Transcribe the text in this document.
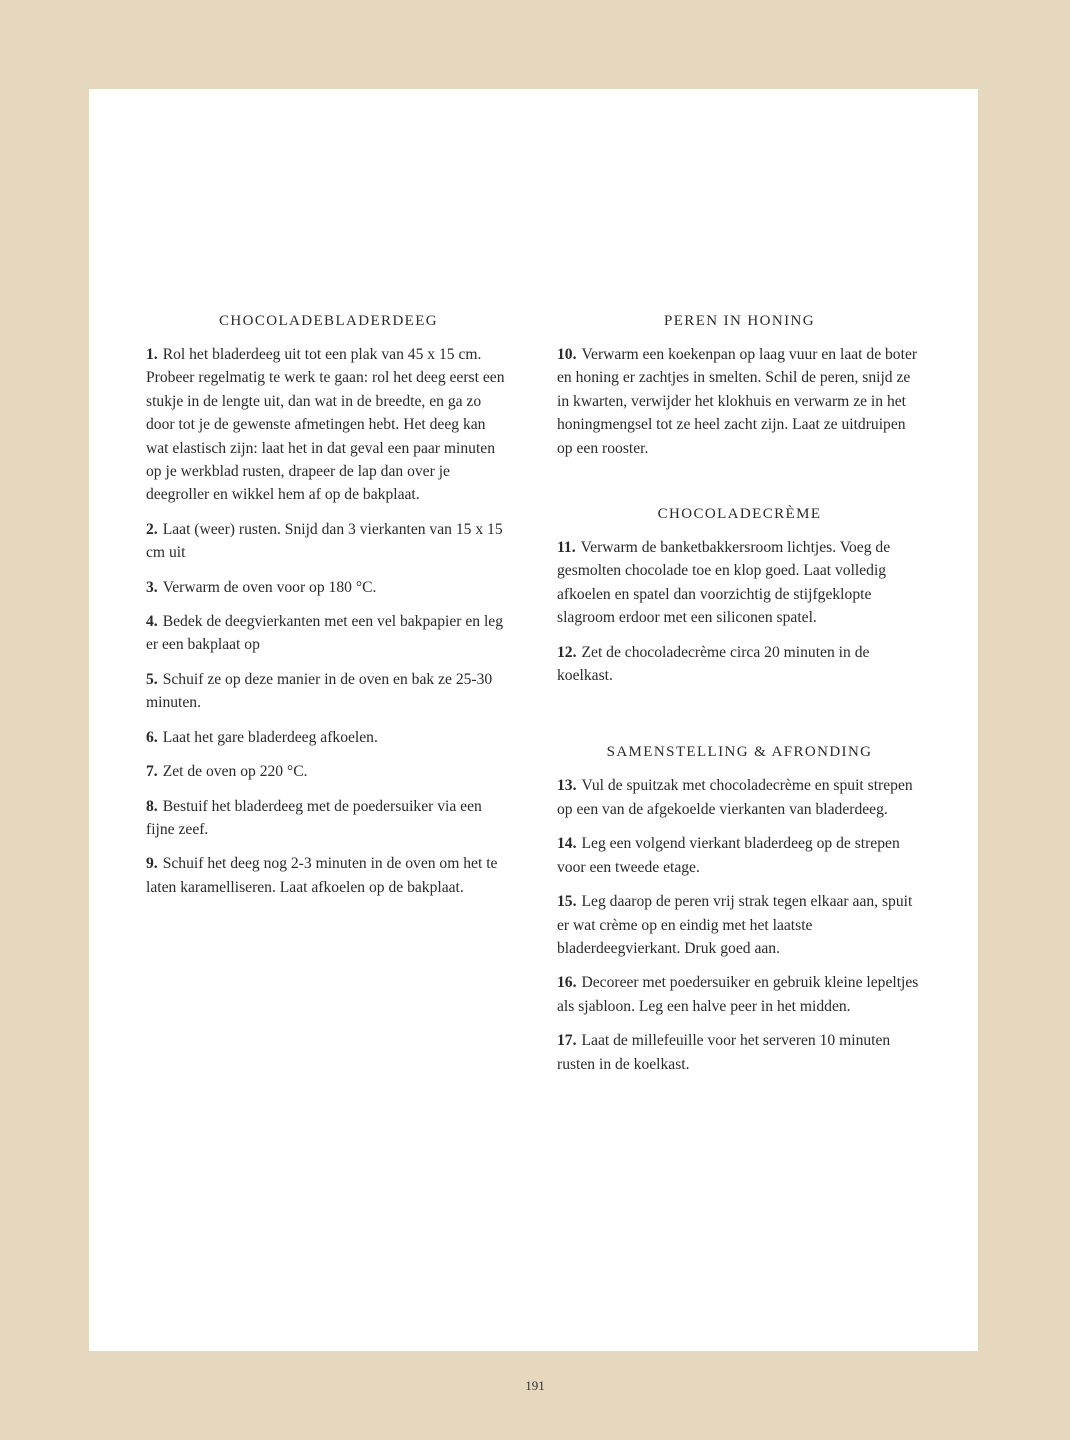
CHOCOLADEBLADERDEEG

1. Rol het bladerdeeg uit tot een plak van 45 x 15 cm. Probeer regelmatig te werk te gaan: rol het deeg eerst een stukje in de lengte uit, dan wat in de breedte, en ga zo door tot je de gewenste afmetingen hebt. Het deeg kan wat elastisch zijn: laat het in dat geval een paar minuten op je werkblad rusten, drapeer de lap dan over je deegroller en wikkel hem af op de bakplaat.

2. Laat (weer) rusten. Snijd dan 3 vierkanten van 15 x 15 cm uit

3. Verwarm de oven voor op 180 °C.

4. Bedek de deegvierkanten met een vel bakpapier en leg er een bakplaat op

5. Schuif ze op deze manier in de oven en bak ze 25-30 minuten.

6. Laat het gare bladerdeeg afkoelen.

7. Zet de oven op 220 °C.

8. Bestuif het bladerdeeg met de poedersuiker via een fijne zeef.

9. Schuif het deeg nog 2-3 minuten in de oven om het te laten karamelliseren. Laat afkoelen op de bakplaat.

PEREN IN HONING

10. Verwarm een koekenpan op laag vuur en laat de boter en honing er zachtjes in smelten. Schil de peren, snijd ze in kwarten, verwijder het klokhuis en verwarm ze in het honingmengsel tot ze heel zacht zijn. Laat ze uitdruipen op een rooster.

CHOCOLADECRÈME

11. Verwarm de banketbakkersroom lichtjes. Voeg de gesmolten chocolade toe en klop goed. Laat volledig afkoelen en spatel dan voorzichtig de stijfgeklopte slagroom erdoor met een siliconen spatel.

12. Zet de chocoladecrème circa 20 minuten in de koelkast.

SAMENSTELLING & AFRONDING

13. Vul de spuitzak met chocoladecrème en spuit strepen op een van de afgekoelde vierkanten van bladerdeeg.

14. Leg een volgend vierkant bladerdeeg op de strepen voor een tweede etage.

15. Leg daarop de peren vrij strak tegen elkaar aan, spuit er wat crème op en eindig met het laatste bladerdeegvierkant. Druk goed aan.

16. Decoreer met poedersuiker en gebruik kleine lepeltjes als sjabloon. Leg een halve peer in het midden.

17. Laat de millefeuille voor het serveren 10 minuten rusten in de koelkast.

191
